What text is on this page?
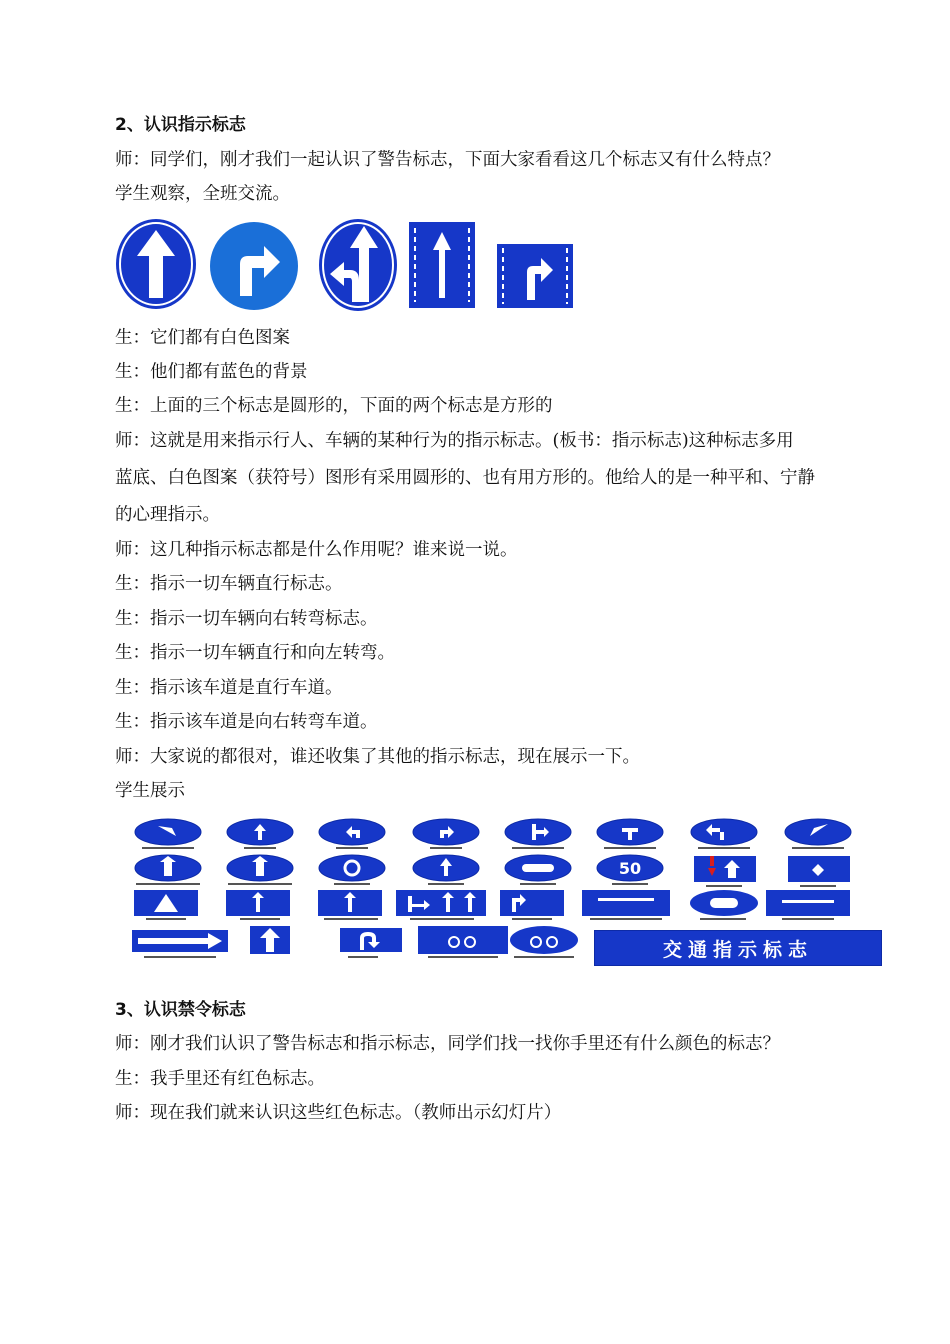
2、认识指示标志
师：同学们，刚才我们一起认识了警告标志，下面大家看看这几个标志又有什么特点？
学生观察，全班交流。
生：它们都有白色图案
生：他们都有蓝色的背景
生：上面的三个标志是圆形的，下面的两个标志是方形的
师：这就是用来指示行人、车辆的某种行为的指示标志。(板书：指示标志)这种标志多用
蓝底、白色图案（获符号）图形有采用圆形的、也有用方形的。他给人的是一种平和、宁静
的心理指示。
师：这几种指示标志都是什么作用呢？谁来说一说。
生：指示一切车辆直行标志。
生：指示一切车辆向右转弯标志。
生：指示一切车辆直行和向左转弯。
生：指示该车道是直行车道。
生：指示该车道是向右转弯车道。
师：大家说的都很对，谁还收集了其他的指示标志，现在展示一下。
学生展示
50
交通指示标志
3、认识禁令标志
师：刚才我们认识了警告标志和指示标志，同学们找一找你手里还有什么颜色的标志？
生：我手里还有红色标志。
师：现在我们就来认识这些红色标志。（教师出示幻灯片）
